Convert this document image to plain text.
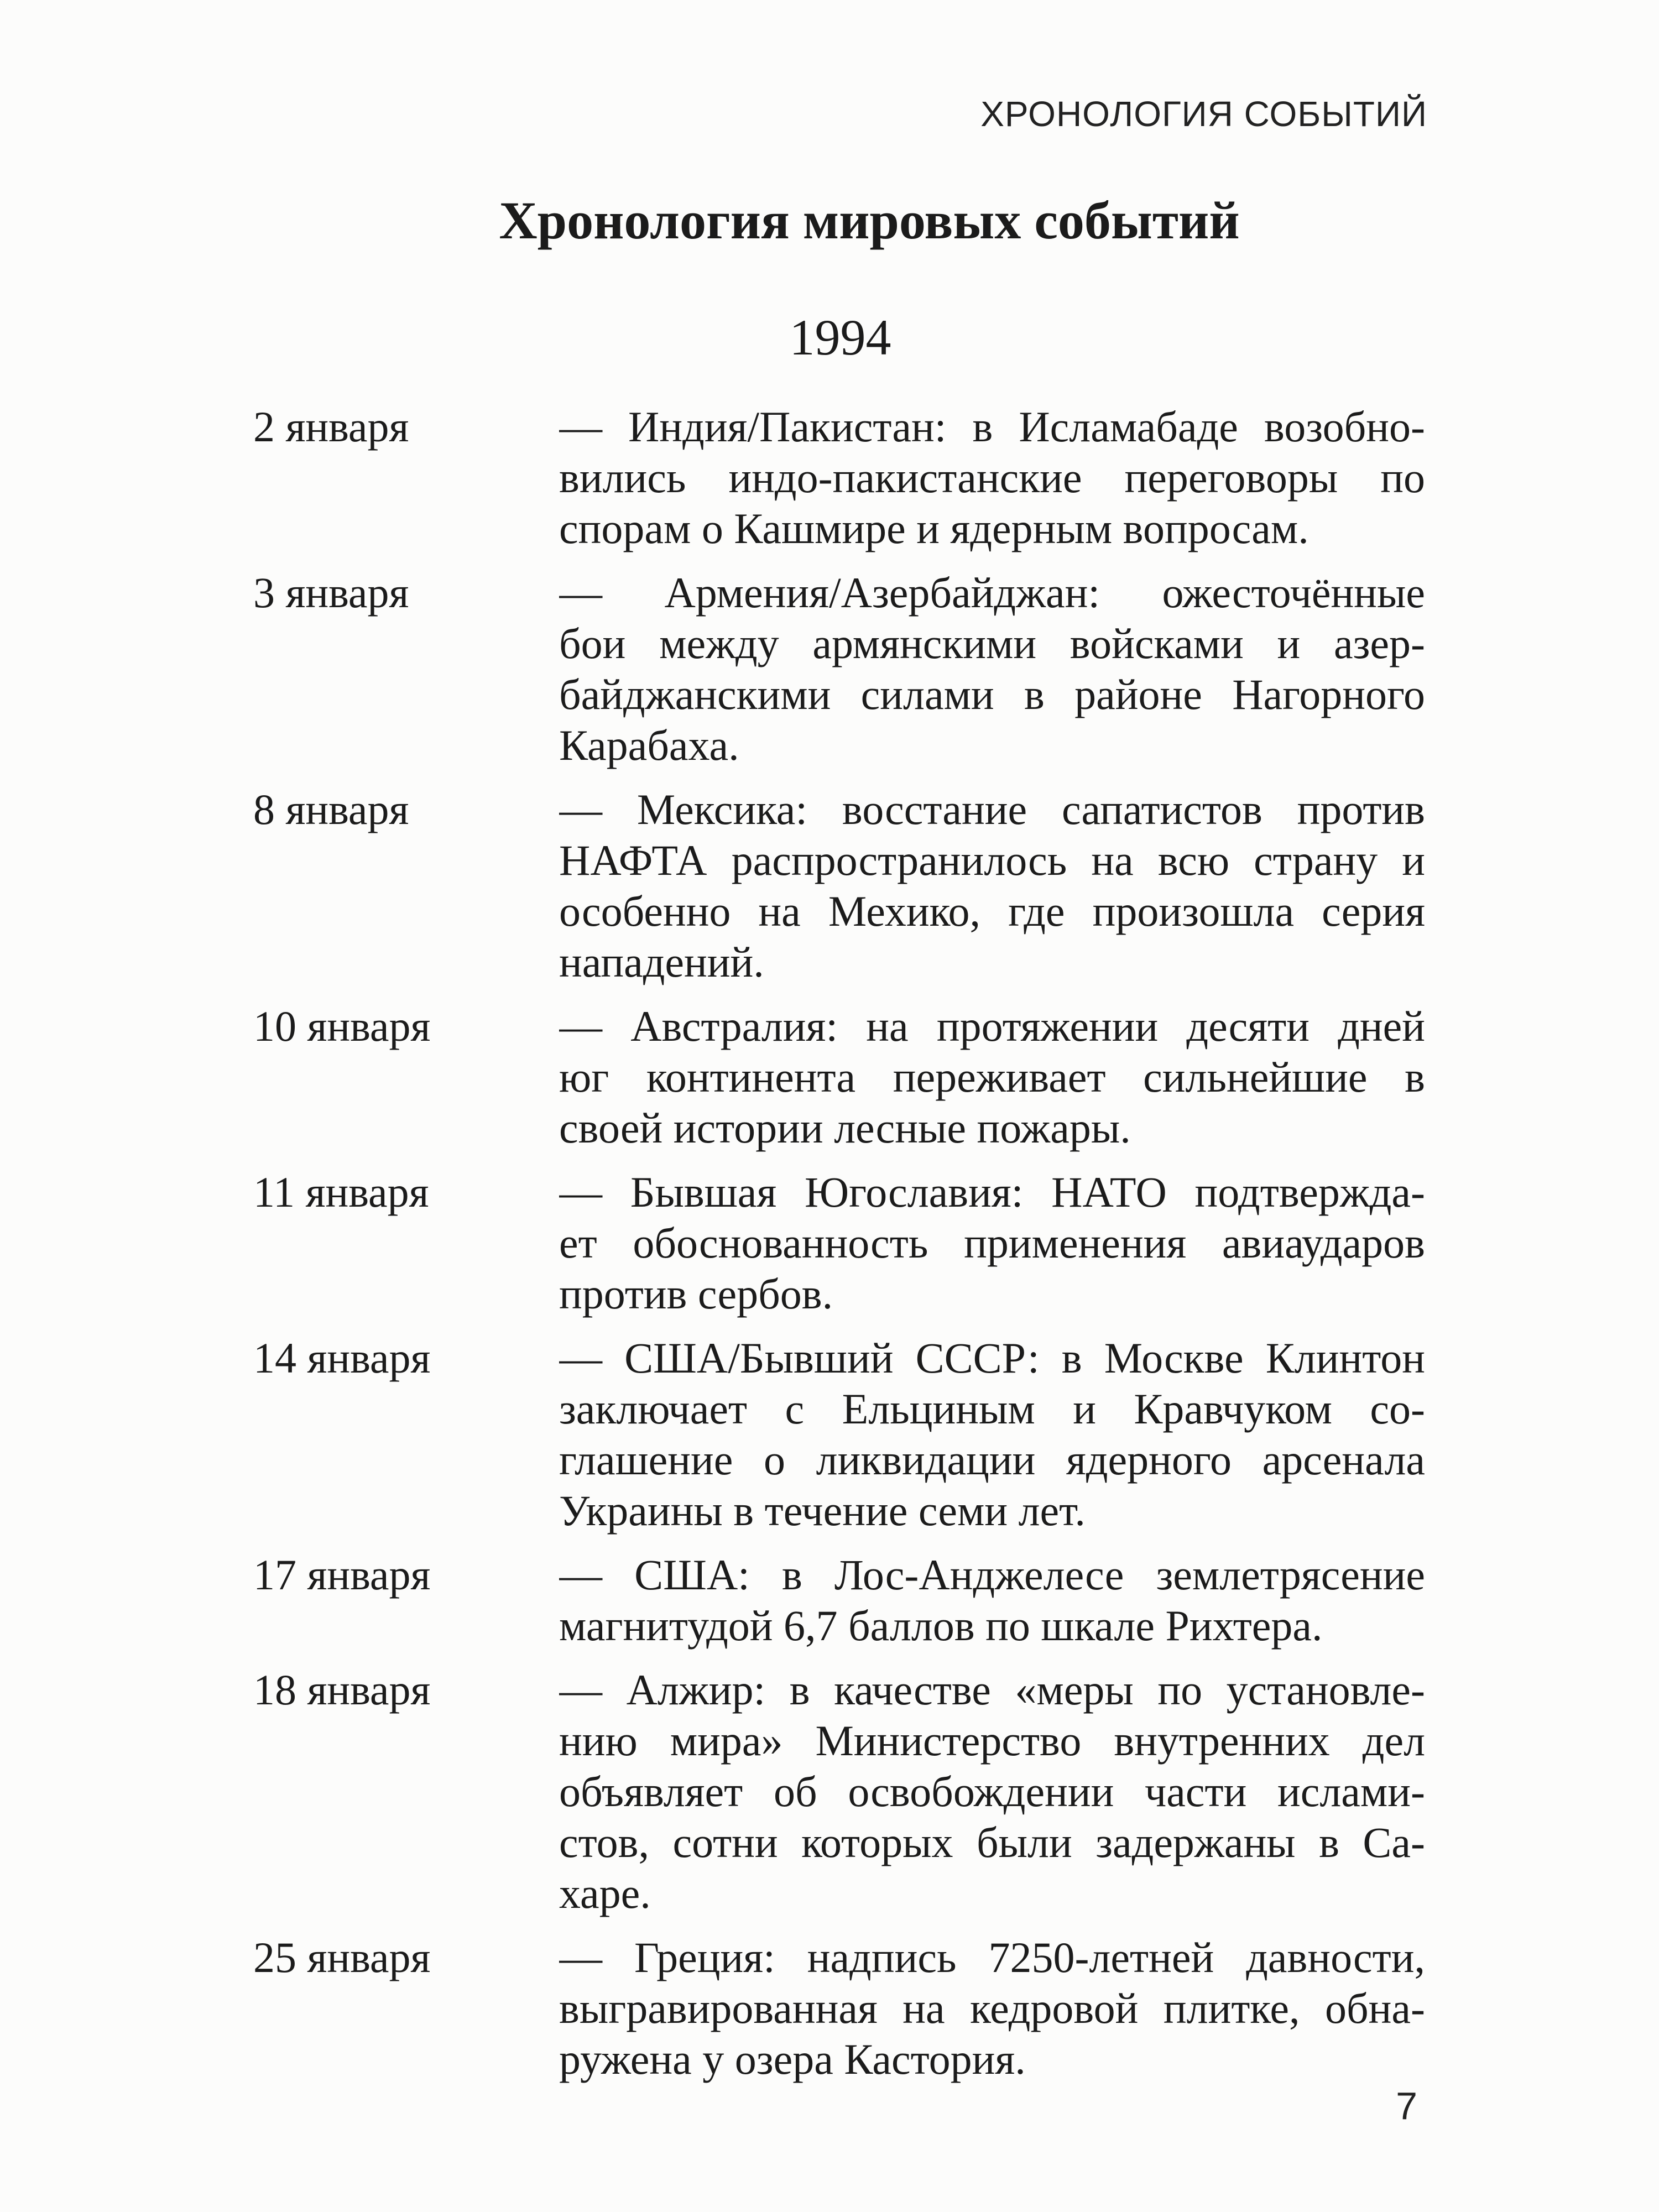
ХРОНОЛОГИЯ СОБЫТИЙ
Хронология мировых событий
1994
2 января	— Индия/Пакистан: в Исламабаде возобно-
вились индо-пакистанские переговоры по
спорам о Кашмире и ядерным вопросам.
3 января	— Армения/Азербайджан: ожесточённые
бои между армянскими войсками и азер-
байджанскими силами в районе Нагорного
Карабаха.
8 января	— Мексика: восстание сапатистов против
НАФТА распространилось на всю страну и
особенно на Мехико, где произошла серия
нападений.
10 января	— Австралия: на протяжении десяти дней
юг континента переживает сильнейшие в
своей истории лесные пожары.
11 января	— Бывшая Югославия: НАТО подтвержда-
ет обоснованность применения авиаударов
против сербов.
14 января	— США/Бывший СССР: в Москве Клинтон
заключает с Ельциным и Кравчуком со-
глашение о ликвидации ядерного арсенала
Украины в течение семи лет.
17 января	— США: в Лос-Анджелесе землетрясение
магнитудой 6,7 баллов по шкале Рихтера.
18 января	— Алжир: в качестве «меры по установле-
нию мира» Министерство внутренних дел
объявляет об освобождении части ислами-
стов, сотни которых были задержаны в Са-
харе.
25 января	— Греция: надпись 7250-летней давности,
выгравированная на кедровой плитке, обна-
ружена у озера Кастория.
7
